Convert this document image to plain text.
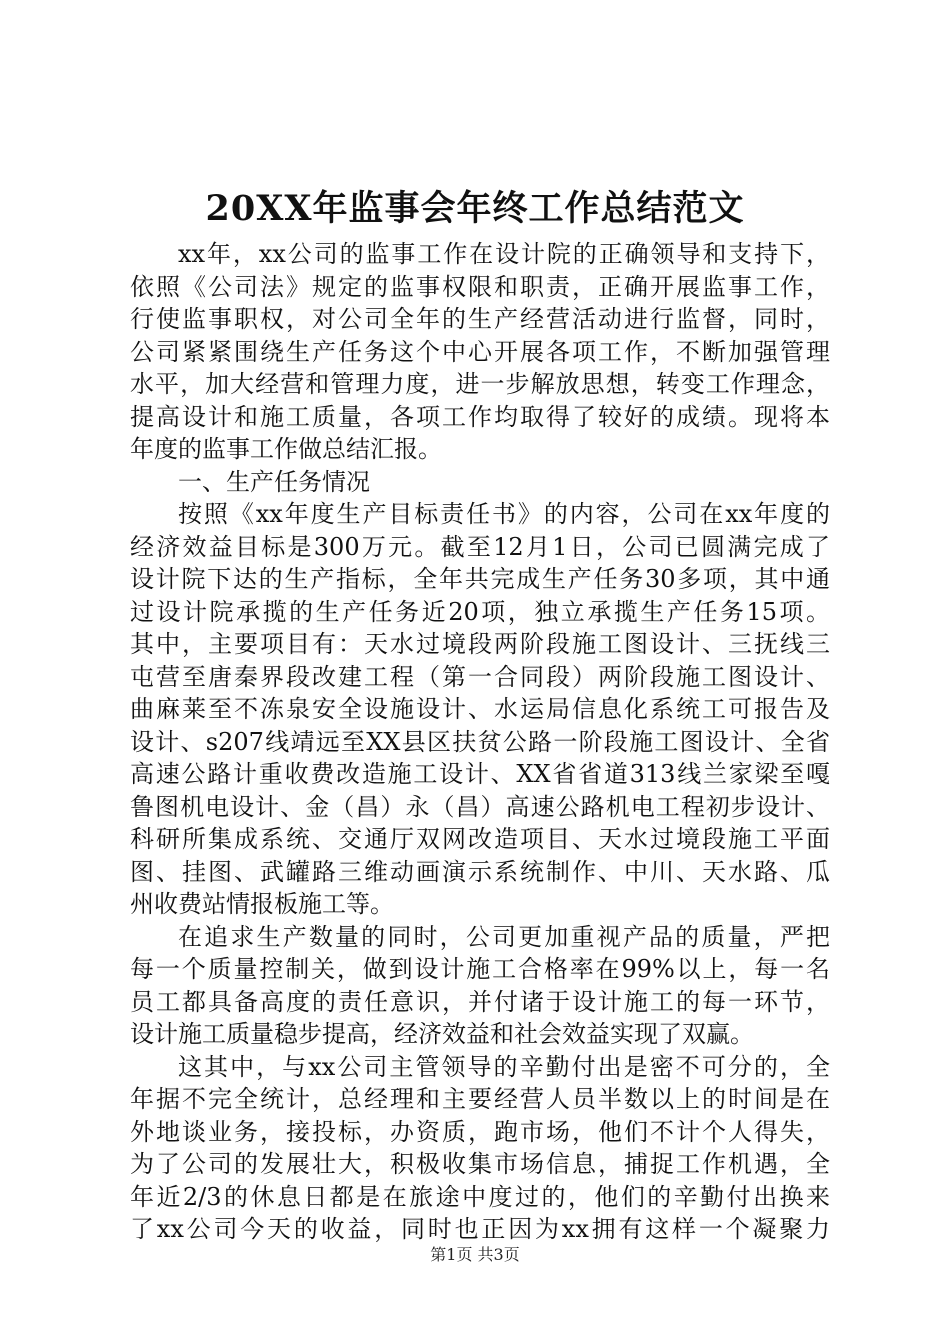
20XX年监事会年终工作总结范文
xx年，xx公司的监事工作在设计院的正确领导和支持下，
依照《公司法》规定的监事权限和职责，正确开展监事工作，
行使监事职权，对公司全年的生产经营活动进行监督，同时，
公司紧紧围绕生产任务这个中心开展各项工作，不断加强管理
水平，加大经营和管理力度，进一步解放思想，转变工作理念，
提高设计和施工质量，各项工作均取得了较好的成绩。现将本
年度的监事工作做总结汇报。
一、生产任务情况
按照《xx年度生产目标责任书》的内容，公司在xx年度的
经济效益目标是300万元。截至12月1日，公司已圆满完成了
设计院下达的生产指标，全年共完成生产任务30多项，其中通
过设计院承揽的生产任务近20项，独立承揽生产任务15项。
其中，主要项目有：天水过境段两阶段施工图设计、三抚线三
屯营至唐秦界段改建工程（第一合同段）两阶段施工图设计、
曲麻莱至不冻泉安全设施设计、水运局信息化系统工可报告及
设计、s207线靖远至XX县区扶贫公路一阶段施工图设计、全省
高速公路计重收费改造施工设计、XX省省道313线兰家梁至嘎
鲁图机电设计、金（昌）永（昌）高速公路机电工程初步设计、
科研所集成系统、交通厅双网改造项目、天水过境段施工平面
图、挂图、武罐路三维动画演示系统制作、中川、天水路、瓜
州收费站情报板施工等。
在追求生产数量的同时，公司更加重视产品的质量，严把
每一个质量控制关，做到设计施工合格率在99%以上，每一名
员工都具备高度的责任意识，并付诸于设计施工的每一环节，
设计施工质量稳步提高，经济效益和社会效益实现了双赢。
这其中，与xx公司主管领导的辛勤付出是密不可分的，全
年据不完全统计，总经理和主要经营人员半数以上的时间是在
外地谈业务，接投标，办资质，跑市场，他们不计个人得失，
为了公司的发展壮大，积极收集市场信息，捕捉工作机遇，全
年近2/3的休息日都是在旅途中度过的，他们的辛勤付出换来
了xx公司今天的收益，同时也正因为xx拥有这样一个凝聚力
第1页 共3页
